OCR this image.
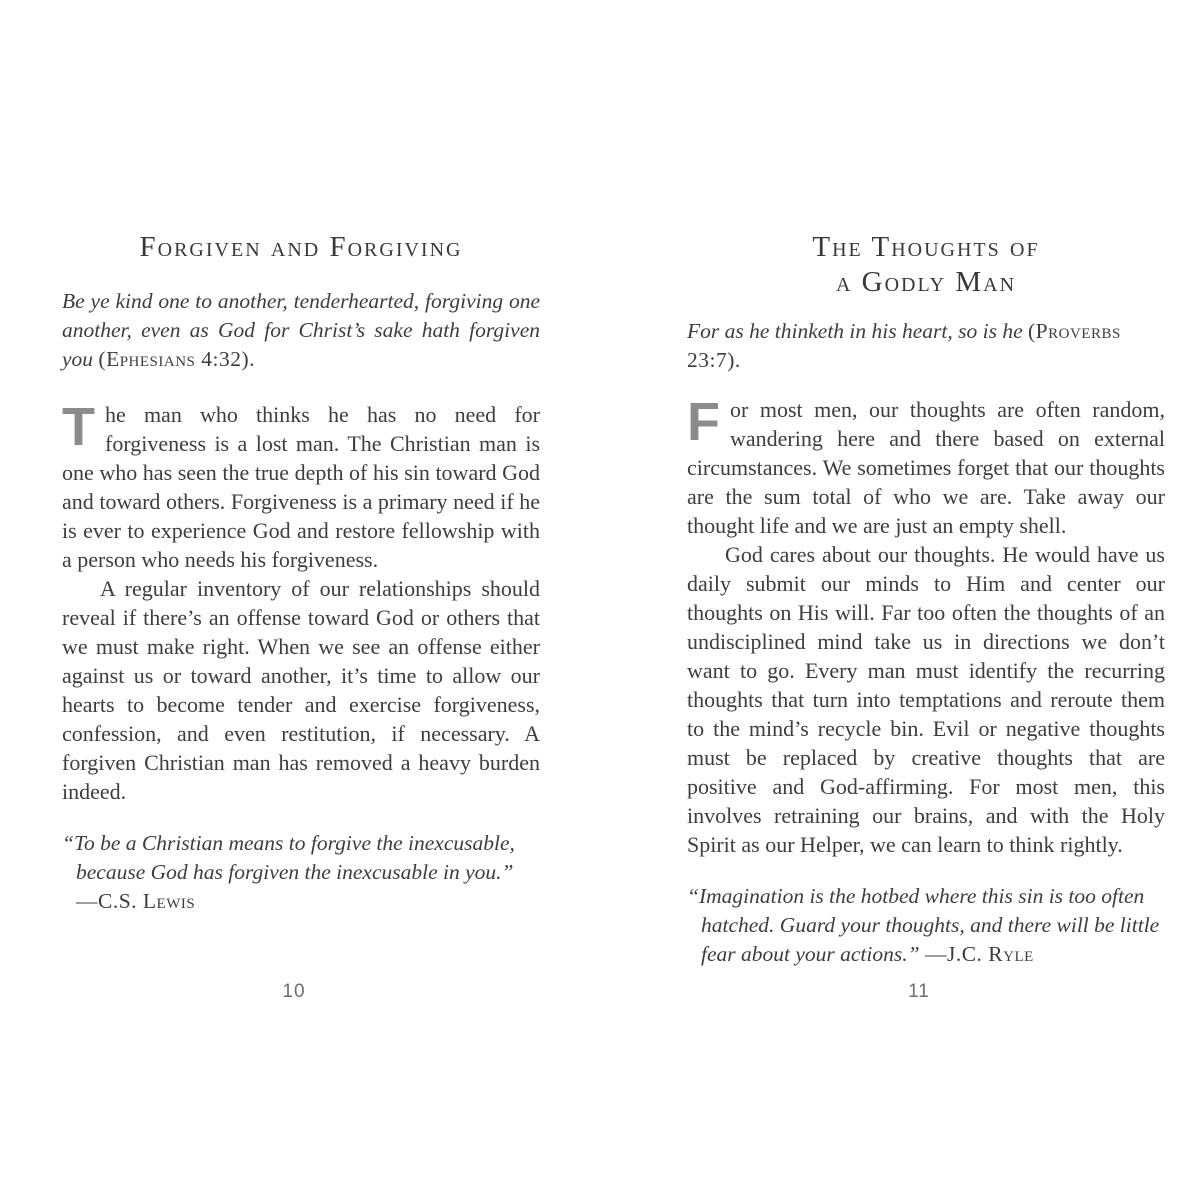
Forgiven and Forgiving

Be ye kind one to another, tenderhearted, forgiving one another, even as God for Christ’s sake hath forgiven you (Ephesians 4:32).

The man who thinks he has no need for forgiveness is a lost man. The Christian man is one who has seen the true depth of his sin toward God and toward others. Forgiveness is a primary need if he is ever to experience God and restore fellowship with a person who needs his forgiveness.

A regular inventory of our relationships should reveal if there’s an offense toward God or others that we must make right. When we see an offense either against us or toward another, it’s time to allow our hearts to become tender and exercise forgiveness, confession, and even restitution, if necessary. A forgiven Christian man has removed a heavy burden indeed.

“To be a Christian means to forgive the inexcusable, because God has forgiven the inexcusable in you.” —C.S. Lewis

The Thoughts of
a Godly Man

For as he thinketh in his heart, so is he (Proverbs 23:7).

For most men, our thoughts are often random, wandering here and there based on external circumstances. We sometimes forget that our thoughts are the sum total of who we are. Take away our thought life and we are just an empty shell.

God cares about our thoughts. He would have us daily submit our minds to Him and center our thoughts on His will. Far too often the thoughts of an undisciplined mind take us in directions we don’t want to go. Every man must identify the recurring thoughts that turn into temptations and reroute them to the mind’s recycle bin. Evil or negative thoughts must be replaced by creative thoughts that are positive and God-affirming. For most men, this involves retraining our brains, and with the Holy Spirit as our Helper, we can learn to think rightly.

“Imagination is the hotbed where this sin is too often hatched. Guard your thoughts, and there will be little fear about your actions.” —J.C. Ryle

10	11
